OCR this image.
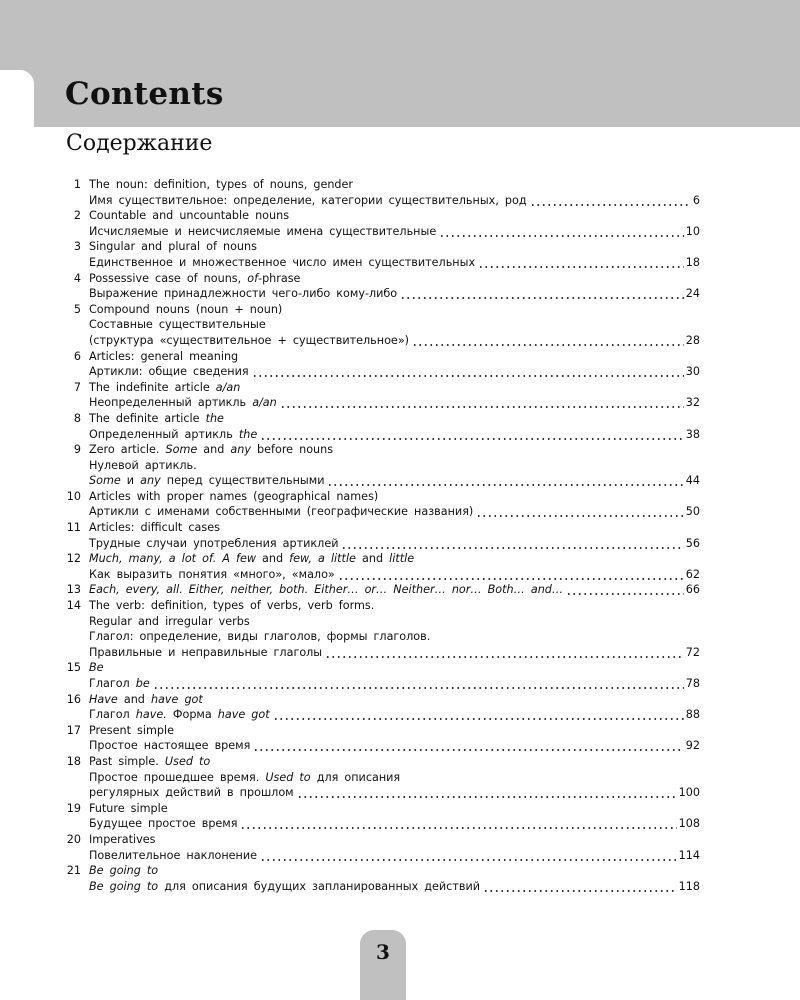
Contents
Содержание
1 The noun: definition, types of nouns, gender
Имя существительное: определение, категории существительных, род	6
2 Countable and uncountable nouns
Исчисляемые и неисчисляемые имена существительные	10
3 Singular and plural of nouns
Единственное и множественное число имен существительных	18
4 Possessive case of nouns, of -phrase
Выражение принадлежности чего-либо кому-либо	24
5 Compound nouns (noun + noun)
Составные существительные
(структура «существительное + существительное»)	28
6 Articles: general meaning
Артикли: общие сведения	30
7 The indefinite article a/an
Неопределенный артикль a/an	32
8 The definite article the
Определенный артикль the	38
9 Zero article. Some and any before nouns
Нулевой артикль.
Some и any перед существительными	44
10 Articles with proper names (geographical names)
Артикли с именами собственными (географические названия)	50
11 Articles: difficult cases
Трудные случаи употребления артиклей	56
12 Much, many, a lot of. A few and few, a little and little
Как выразить понятия «много», «мало»	62
13 Each, every, all. Either, neither, both. Either… or… Neither… nor… Both… and…	66
14 The verb: definition, types of verbs, verb forms.
Regular and irregular verbs
Глагол: определение, виды глаголов, формы глаголов.
Правильные и неправильные глаголы	72
15 Be
Глагол be	78
16 Have and have got
Глагол have. Форма have got	88
17 Present simple
Простое настоящее время	92
18 Past simple. Used to
Простое прошедшее время. Used to для описания
регулярных действий в прошлом	100
19 Future simple
Будущее простое время	108
20 Imperatives
Повелительное наклонение	114
21 Be going to
Be going to для описания будущих запланированных действий	118
3
